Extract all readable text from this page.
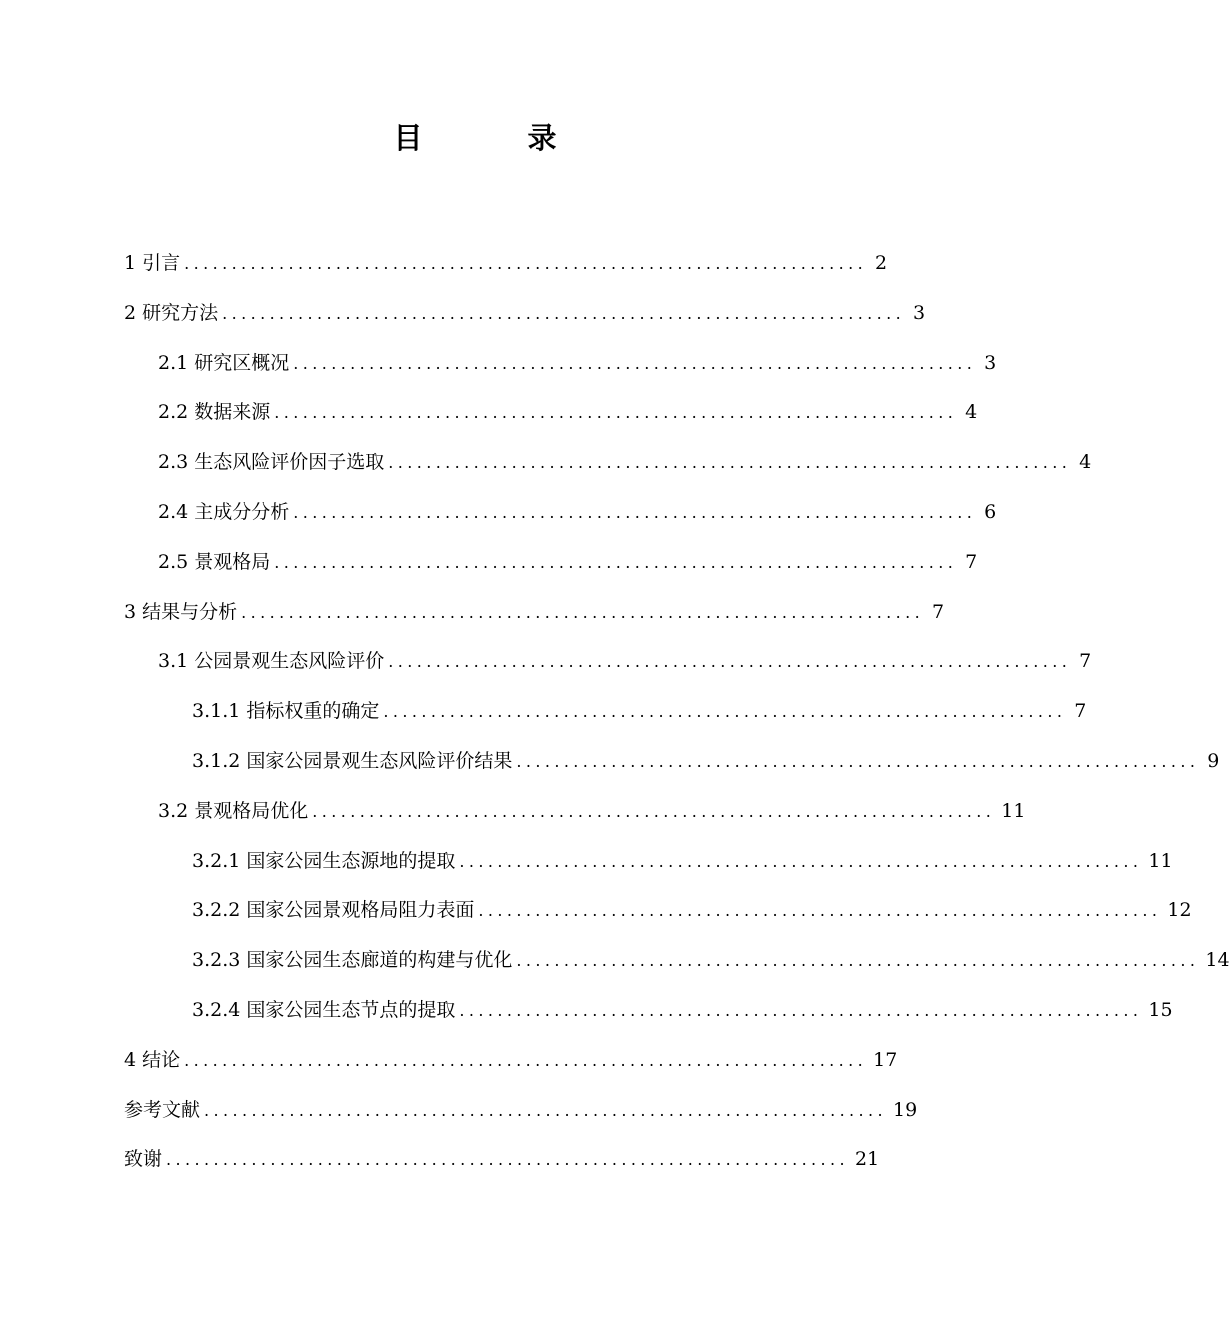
目　录
1 引言 ........................................................................ 2
2 研究方法 ........................................................................ 3
2.1 研究区概况 ........................................................................ 3
2.2 数据来源 ........................................................................ 4
2.3 生态风险评价因子选取 ........................................................................ 4
2.4 主成分分析 ........................................................................ 6
2.5 景观格局 ........................................................................ 7
3 结果与分析 ........................................................................ 7
3.1 公园景观生态风险评价 ........................................................................ 7
3.1.1 指标权重的确定 ........................................................................ 7
3.1.2 国家公园景观生态风险评价结果 ........................................................................ 9
3.2 景观格局优化 ........................................................................ 11
3.2.1 国家公园生态源地的提取 ........................................................................ 11
3.2.2 国家公园景观格局阻力表面 ........................................................................ 12
3.2.3 国家公园生态廊道的构建与优化 ........................................................................ 14
3.2.4 国家公园生态节点的提取 ........................................................................ 15
4 结论 ........................................................................ 17
参考文献 ........................................................................ 19
致谢 ........................................................................ 21
